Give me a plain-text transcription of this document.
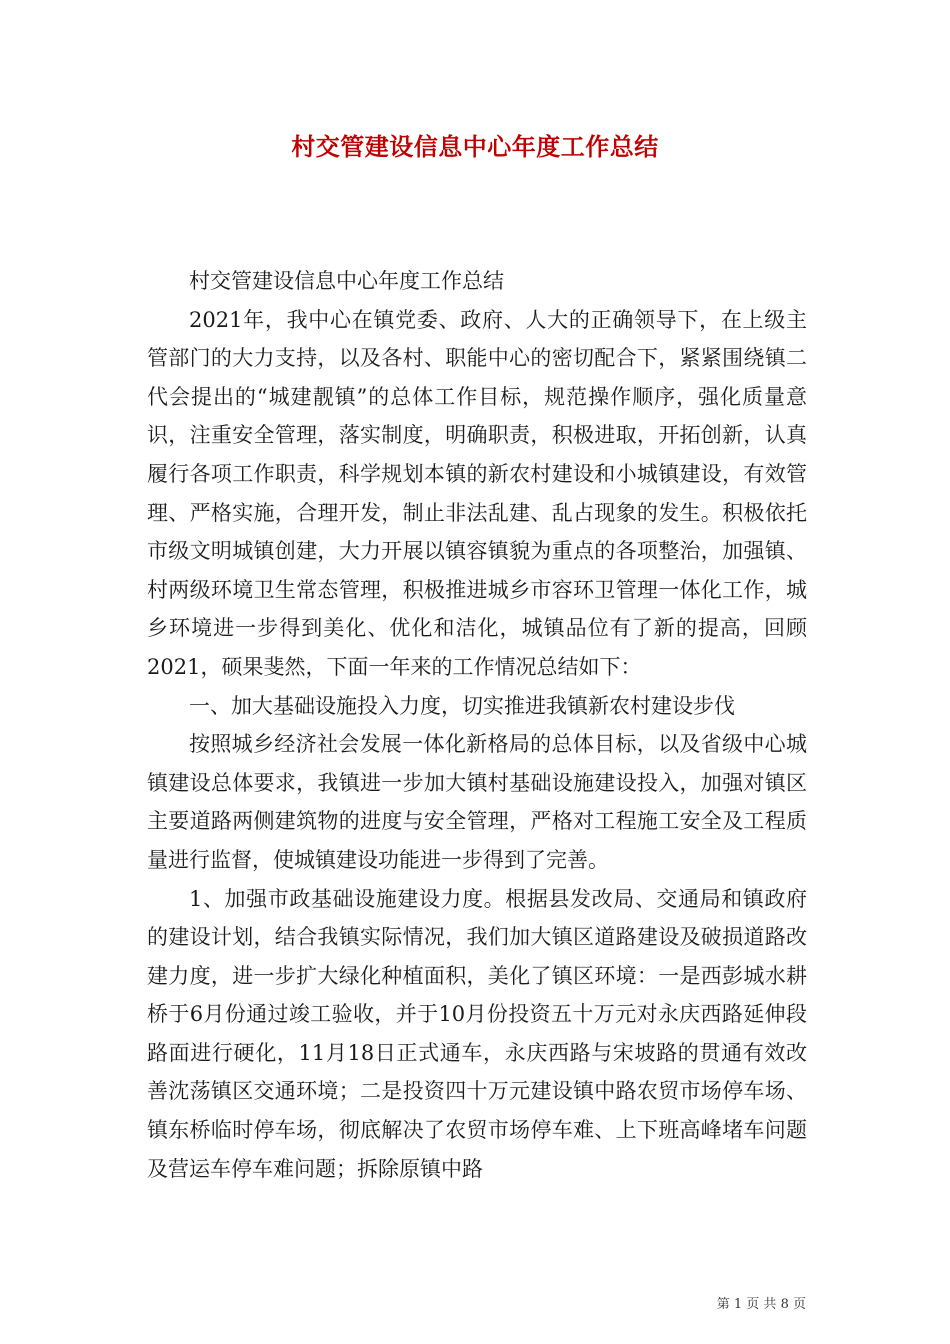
村交管建设信息中心年度工作总结

村交管建设信息中心年度工作总结

2021年，我中心在镇党委、政府、人大的正确领导下，在上级主管部门的大力支持，以及各村、职能中心的密切配合下，紧紧围绕镇二代会提出的“城建靓镇”的总体工作目标，规范操作顺序，强化质量意识，注重安全管理，落实制度，明确职责，积极进取，开拓创新，认真履行各项工作职责，科学规划本镇的新农村建设和小城镇建设，有效管理、严格实施，合理开发，制止非法乱建、乱占现象的发生。积极依托市级文明城镇创建，大力开展以镇容镇貌为重点的各项整治，加强镇、村两级环境卫生常态管理，积极推进城乡市容环卫管理一体化工作，城乡环境进一步得到美化、优化和洁化，城镇品位有了新的提高，回顾2021，硕果斐然，下面一年来的工作情况总结如下：

一、加大基础设施投入力度，切实推进我镇新农村建设步伐

按照城乡经济社会发展一体化新格局的总体目标，以及省级中心城镇建设总体要求，我镇进一步加大镇村基础设施建设投入，加强对镇区主要道路两侧建筑物的进度与安全管理，严格对工程施工安全及工程质量进行监督，使城镇建设功能进一步得到了完善。

1、加强市政基础设施建设力度。根据县发改局、交通局和镇政府的建设计划，结合我镇实际情况，我们加大镇区道路建设及破损道路改建力度，进一步扩大绿化种植面积，美化了镇区环境：一是西彭城水耕桥于6月份通过竣工验收，并于10月份投资五十万元对永庆西路延伸段路面进行硬化，11月18日正式通车，永庆西路与宋坡路的贯通有效改善沈荡镇区交通环境；二是投资四十万元建设镇中路农贸市场停车场、镇东桥临时停车场，彻底解决了农贸市场停车难、上下班高峰堵车问题及营运车停车难问题；拆除原镇中路

第 1 页 共 8 页
